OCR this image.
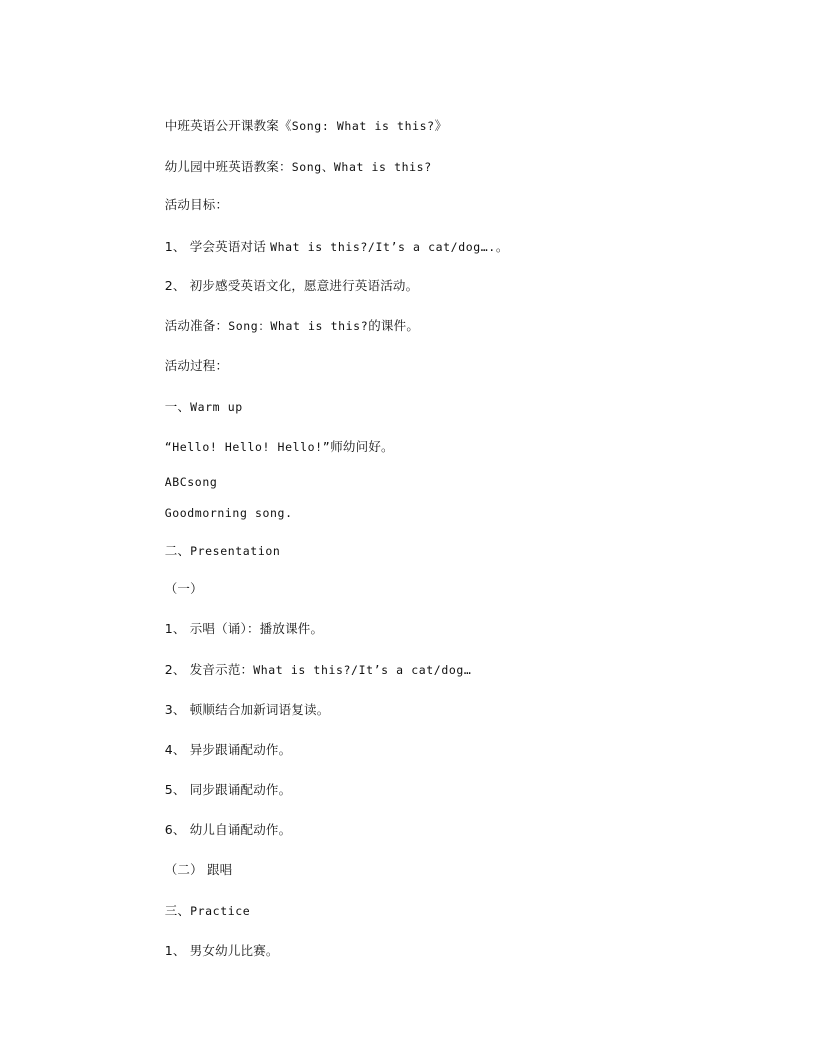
中班英语公开课教案《Song: What is this?》

幼儿园中班英语教案：Song、What is this?

活动目标：

1、 学会英语对话 What is this?/It’s a cat/dog….。

2、 初步感受英语文化，愿意进行英语活动。

活动准备：Song：What is this?的课件。

活动过程：

一、Warm up

“Hello! Hello! Hello!”师幼问好。

ABCsong

Goodmorning song.

二、Presentation

（一）

1、 示唱（诵）：播放课件。

2、 发音示范：What is this?/It’s a cat/dog…

3、 顿顺结合加新词语复读。

4、 异步跟诵配动作。

5、 同步跟诵配动作。

6、 幼儿自诵配动作。

（二） 跟唱

三、Practice

1、 男女幼儿比赛。
